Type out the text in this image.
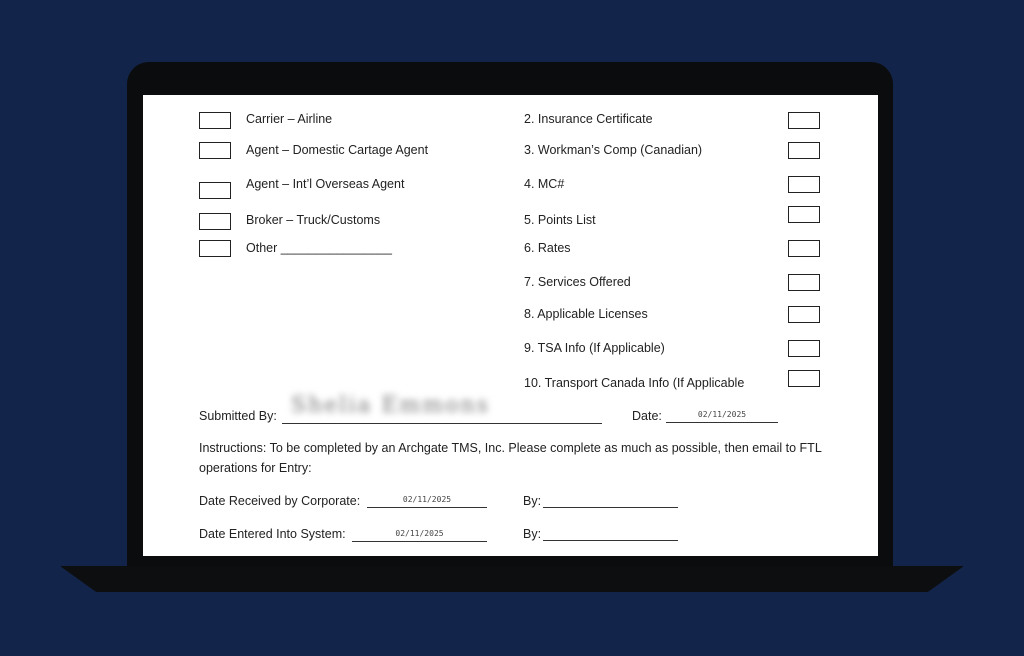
Carrier – Airline
Agent – Domestic Cartage Agent
Agent – Int’l Overseas Agent
Broker – Truck/Customs
Other ________________
2. Insurance Certificate
3. Workman’s Comp (Canadian)
4. MC#
5. Points List
6. Rates
7. Services Offered
8. Applicable Licenses
9. TSA Info (If Applicable)
10. Transport Canada Info (If Applicable
Submitted By: Shelia Emmons	Date:	02/11/2025
Instructions: To be completed by an Archgate TMS, Inc. Please complete as much as possible, then email to FTL operations for Entry:
Date Received by Corporate:	02/11/2025	By:
Date Entered Into System:	02/11/2025	By:
